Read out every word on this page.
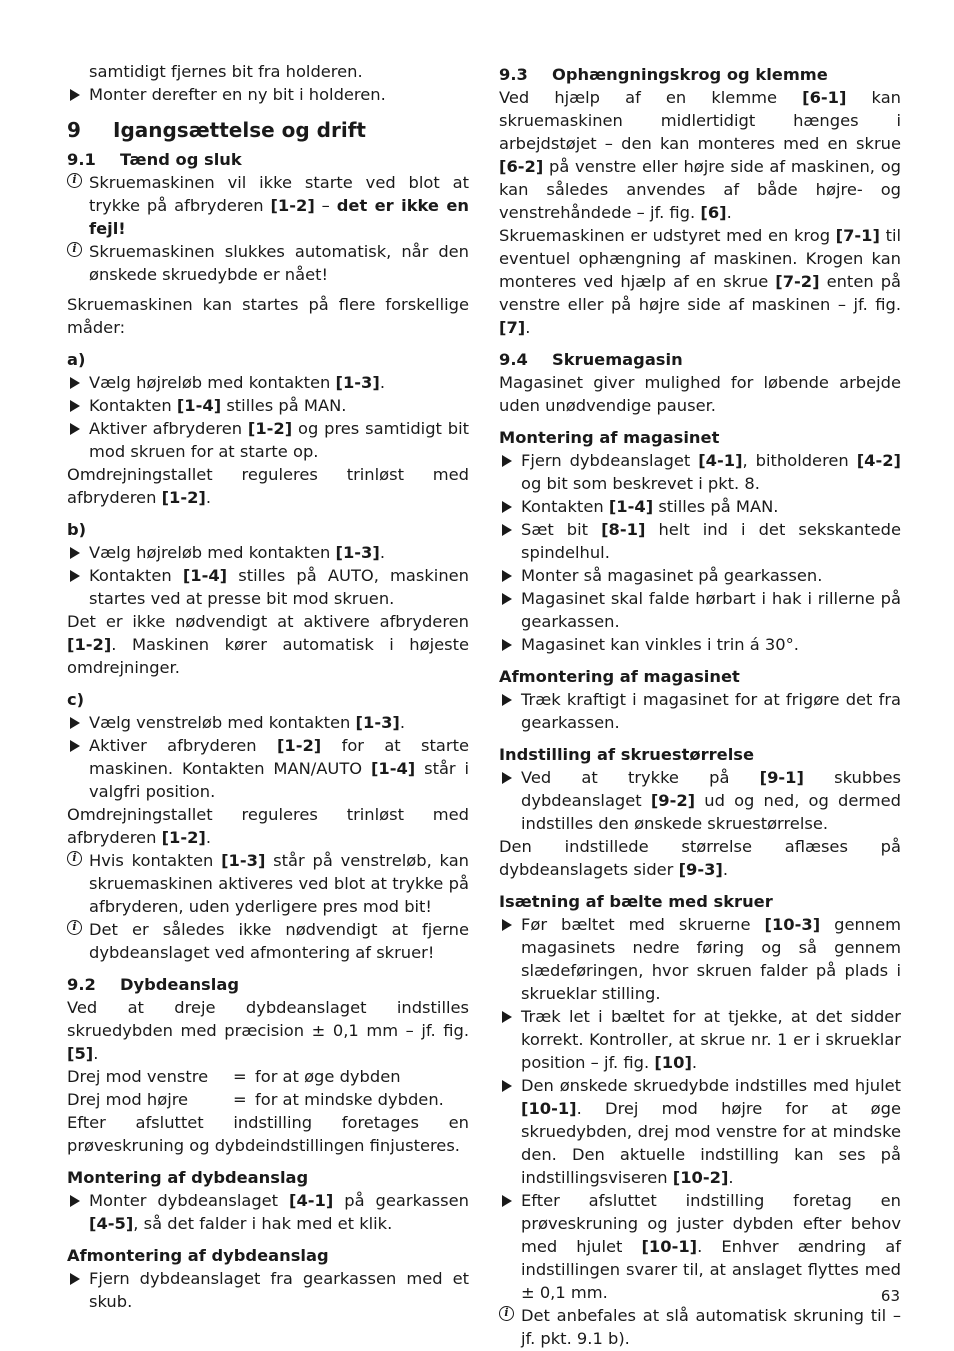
samtidigt fjernes bit fra holderen.

Monter derefter en ny bit i holderen.
9 Igangsættelse og drift
9.1 Tænd og sluk
i Skruemaskinen vil ikke starte ved blot at trykke på afbryderen [1-2] – det er ikke en fejl!
i Skruemaskinen slukkes automatisk, når den ønskede skruedybde er nået!

Skruemaskinen kan startes på flere forskellige måder:

a)
Vælg højreløb med kontakten [1-3].
Kontakten [1-4] stilles på MAN.
Aktiver afbryderen [1-2] og pres samtidigt bit mod skruen for at starte op.

Omdrejningstallet reguleres trinløst med afbryderen [1-2].

b)
Vælg højreløb med kontakten [1-3].
Kontakten [1-4] stilles på AUTO, maskinen startes ved at presse bit mod skruen.

Det er ikke nødvendigt at aktivere afbryderen [1-2]. Maskinen kører automatisk i højeste omdrejninger.

c)
Vælg venstreløb med kontakten [1-3].
Aktiver afbryderen [1-2] for at starte maskinen. Kontakten MAN/AUTO [1-4] står i valgfri position.

Omdrejningstallet reguleres trinløst med afbryderen [1-2].

i Hvis kontakten [1-3] står på venstreløb, kan skruemaskinen aktiveres ved blot at trykke på afbryderen, uden yderligere pres mod bit!
i Det er således ikke nødvendigt at fjerne dybdeanslaget ved afmontering af skruer!
9.2 Dybdeanslag

Ved at dreje dybdeanslaget indstilles skruedybden med præcision ± 0,1 mm – jf. fig. [5].

Drej mod venstre	= for at øge dybden
Drej mod højre	= for at mindske dybden.

Efter afsluttet indstilling foretages en prøveskruning og dybdeindstillingen finjusteres.

Montering af dybdeanslag
Monter dybdeanslaget [4-1] på gearkassen [4-5], så det falder i hak med et klik.
Afmontering af dybdeanslag
Fjern dybdeanslaget fra gearkassen med et skub.
9.3 Ophængningskrog og klemme

Ved hjælp af en klemme [6-1] kan skruemaskinen midlertidigt hænges i arbejdstøjet – den kan monteres med en skrue [6-2] på venstre eller højre side af maskinen, og kan således anvendes af både højre- og venstrehåndede – jf. fig. [6].

Skruemaskinen er udstyret med en krog [7-1] til eventuel ophængning af maskinen. Krogen kan monteres ved hjælp af en skrue [7-2] enten på venstre eller på højre side af maskinen – jf. fig. [7].

9.4 Skruemagasin

Magasinet giver mulighed for løbende arbejde uden unødvendige pauser.

Montering af magasinet
Fjern dybdeanslaget [4-1], bitholderen [4-2] og bit som beskrevet i pkt. 8.
Kontakten [1-4] stilles på MAN.
Sæt bit [8-1] helt ind i det sekskantede spindelhul.
Monter så magasinet på gearkassen.
Magasinet skal falde hørbart i hak i rillerne på gearkassen.
Magasinet kan vinkles i trin á 30°.
Afmontering af magasinet
Træk kraftigt i magasinet for at frigøre det fra gearkassen.
Indstilling af skruestørrelse
Ved at trykke på [9-1] skubbes dybdeanslaget [9-2] ud og ned, og dermed indstilles den ønskede skruestørrelse.

Den indstillede størrelse aflæses på dybdeanslagets sider [9-3].

Isætning af bælte med skruer
Før bæltet med skruerne [10-3] gennem magasinets nedre føring og så gennem slædeføringen, hvor skruen falder på plads i skrueklar stilling.
Træk let i bæltet for at tjekke, at det sidder korrekt. Kontroller, at skrue nr. 1 er i skrueklar position – jf. fig. [10].
Den ønskede skruedybde indstilles med hjulet [10-1]. Drej mod højre for at øge skruedybden, drej mod venstre for at mindske den. Den aktuelle indstilling kan ses på indstillingsviseren [10-2].
Efter afsluttet indstilling foretag en prøveskruning og juster dybden efter behov med hjulet [10-1]. Enhver ændring af indstillingen svarer til, at anslaget flyttes med ± 0,1 mm.
i Det anbefales at slå automatisk skruning til – jf. pkt. 9.1 b).
63
